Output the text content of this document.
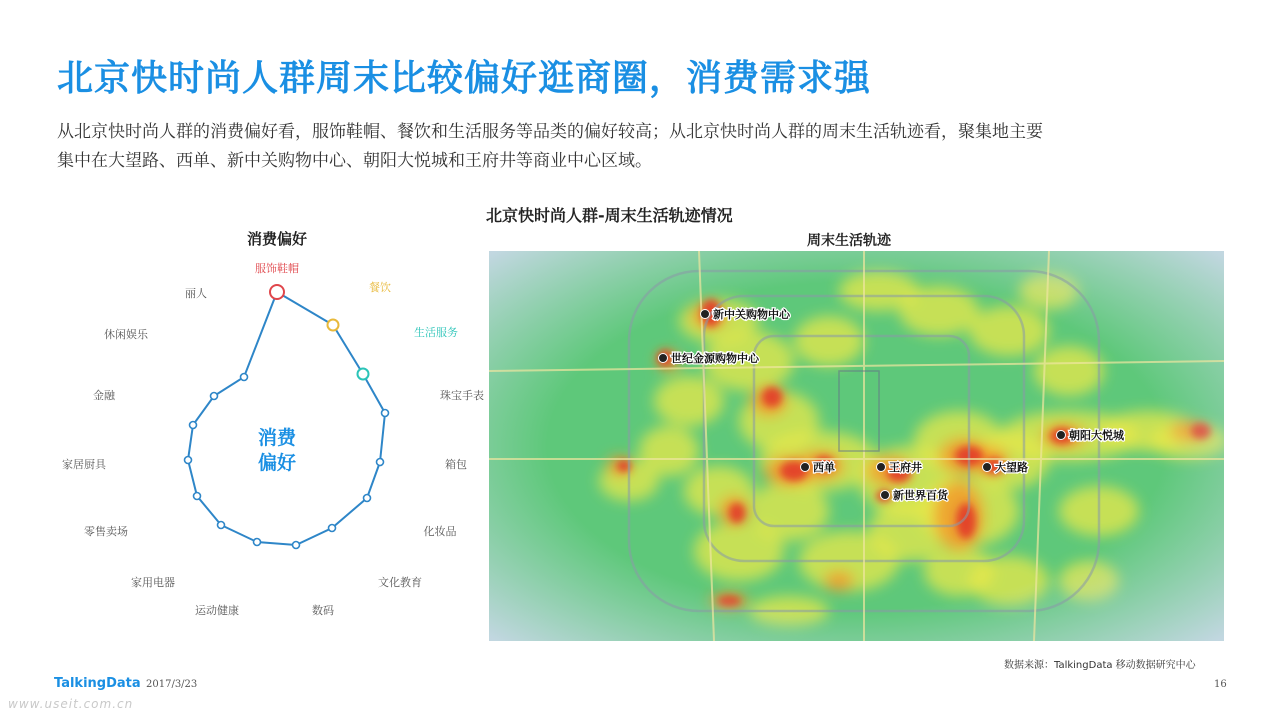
北京快时尚人群周末比较偏好逛商圈，消费需求强

从北京快时尚人群的消费偏好看，服饰鞋帽、餐饮和生活服务等品类的偏好较高；从北京快时尚人群的周末生活轨迹看，聚集地主要

集中在大望路、西单、新中关购物中心、朝阳大悦城和王府井等商业中心区域。

消费偏好
服饰鞋帽
餐饮
生活服务
珠宝手表
箱包
化妆品
文化教育
数码
运动健康
家用电器
零售卖场
家居厨具
金融
休闲娱乐
丽人
消费
偏好
北京快时尚人群-周末生活轨迹情况
周末生活轨迹
新中关购物中心
世纪金源购物中心
朝阳大悦城
西单	王府井	大望路
新世界百货
数据来源：TalkingData 移动数据研究中心
TalkingData 2017/3/23	16
www.useit.com.cn
